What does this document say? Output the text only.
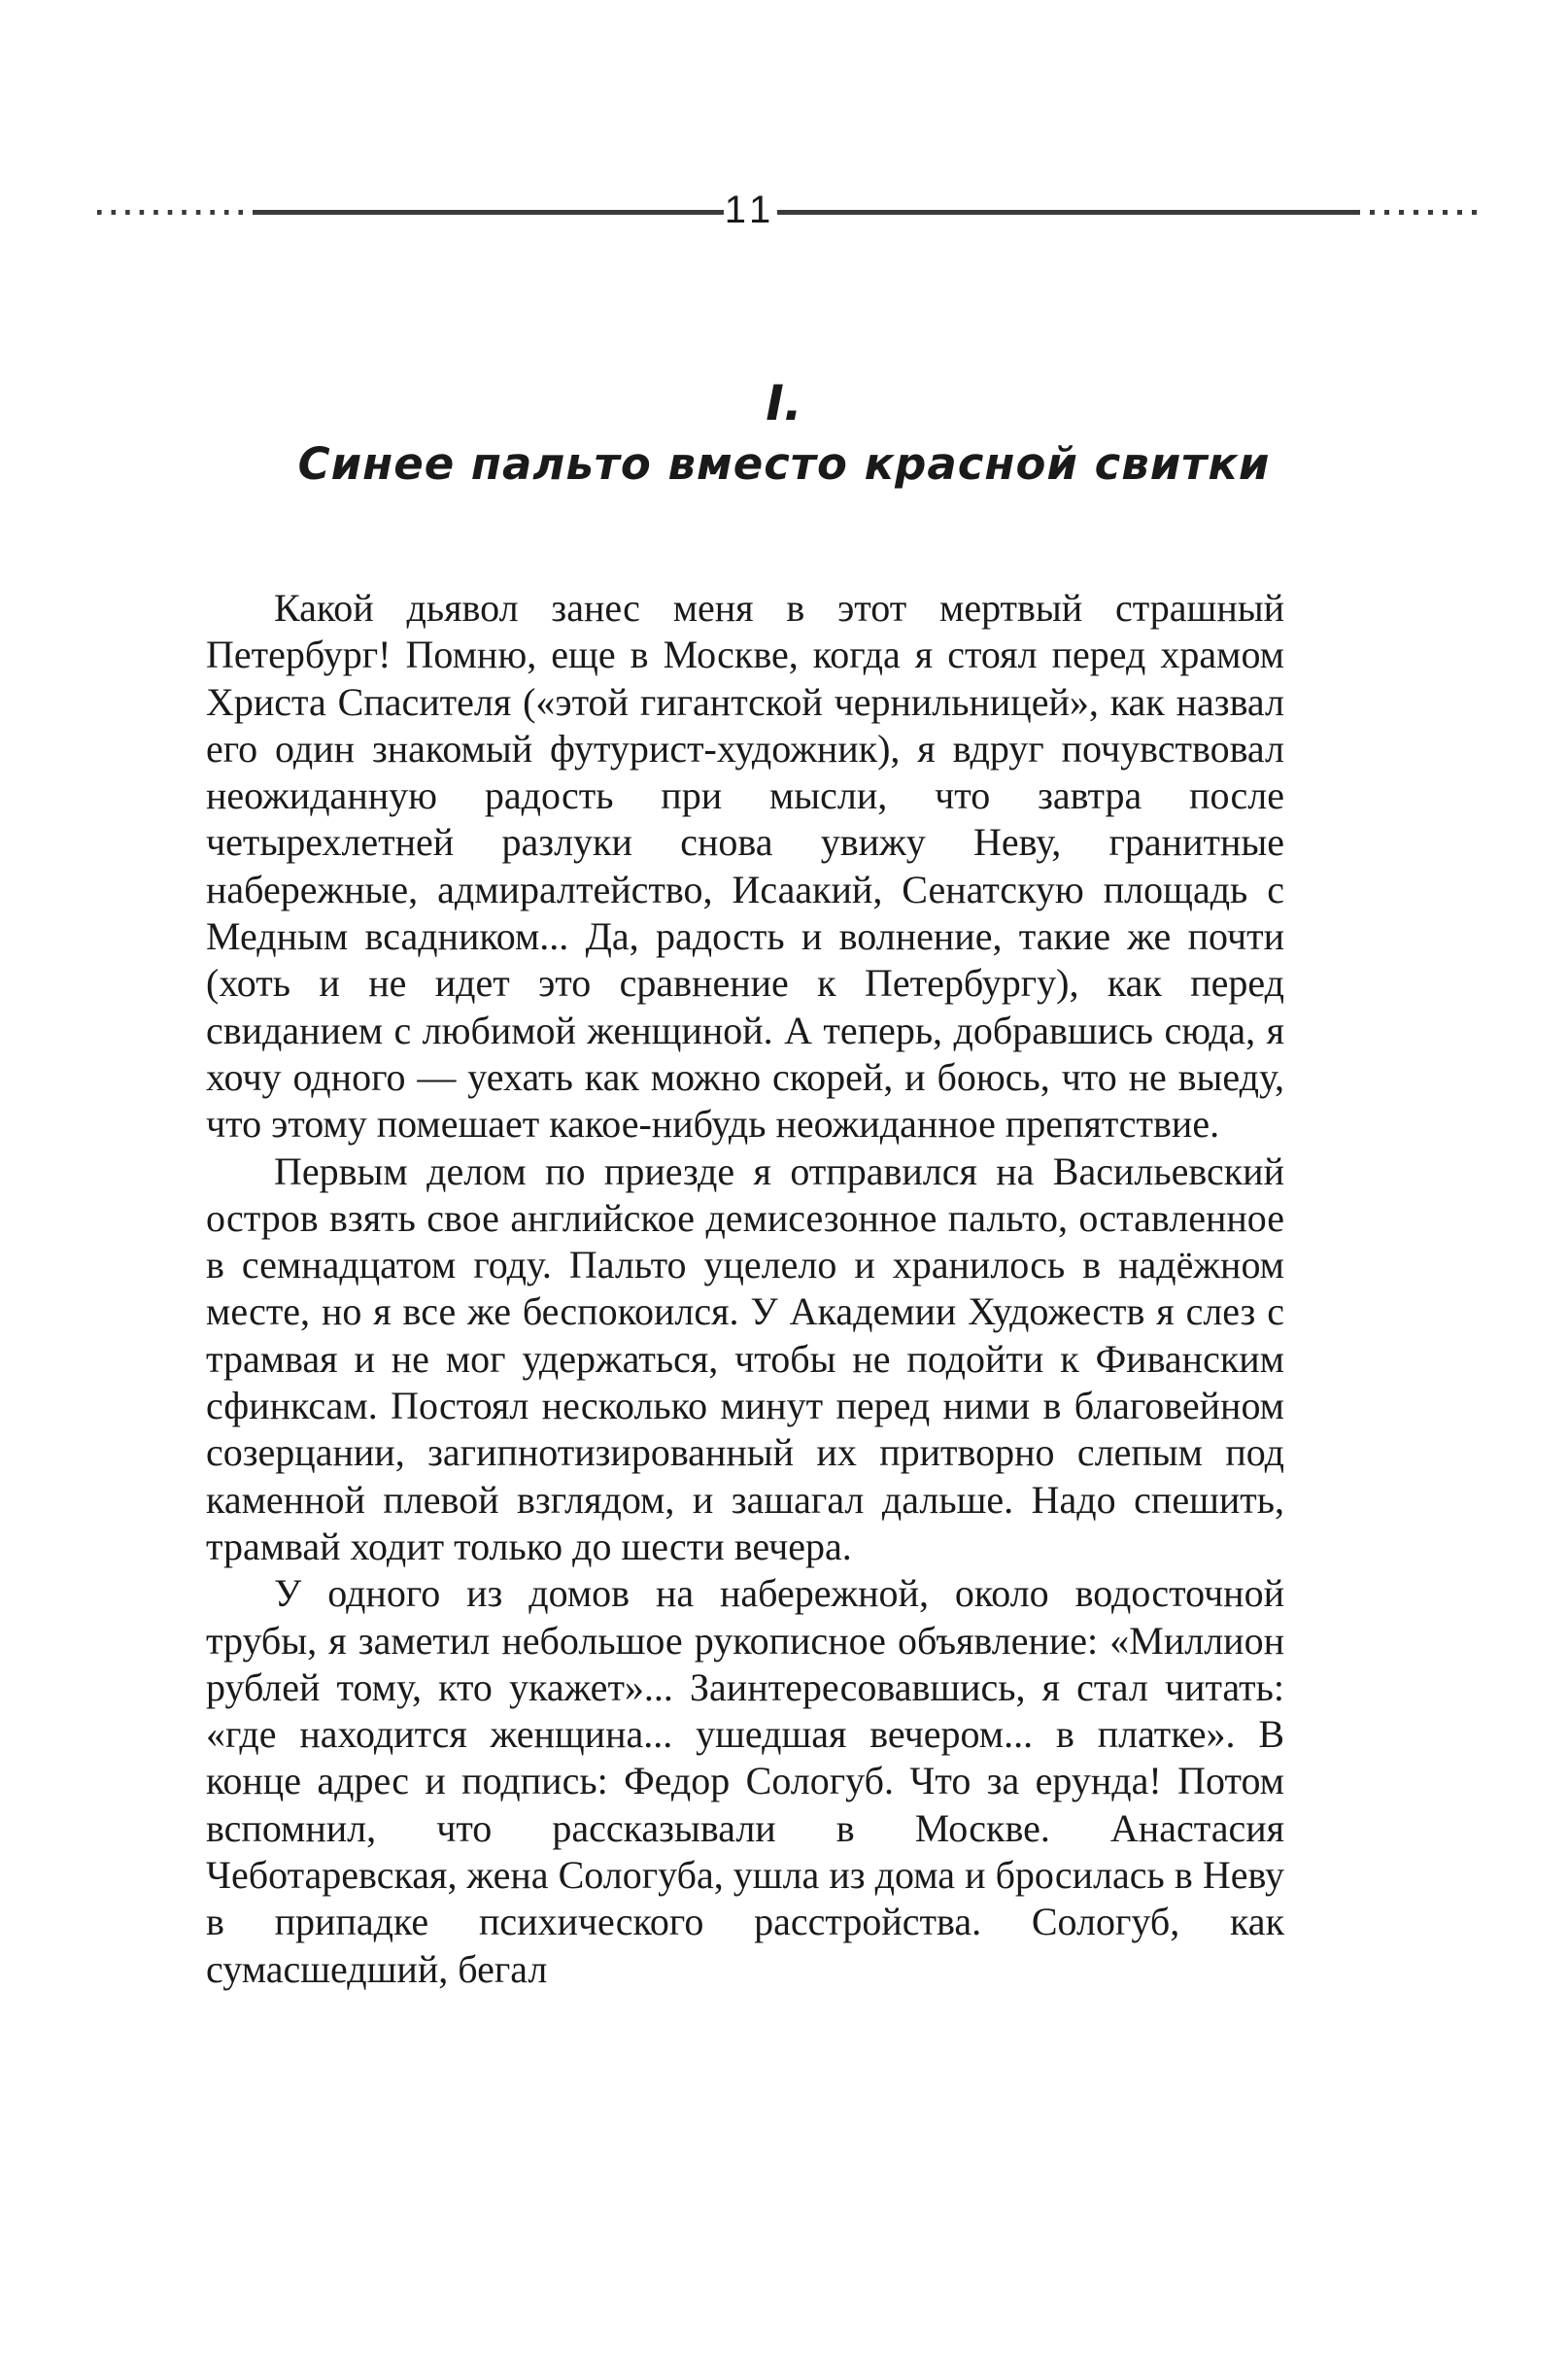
11
I.
Синее пальто вместо красной свитки

Какой дьявол занес меня в этот мертвый страшный Петербург! Помню, еще в Москве, когда я стоял перед храмом Христа Спасителя («этой гигантской чернильницей», как назвал его один знакомый футурист-художник), я вдруг почувствовал неожиданную радость при мысли, что завтра после четырехлетней разлуки снова увижу Неву, гранитные набережные, адмиралтейство, Исаакий, Сенатскую площадь с Медным всадником... Да, радость и волнение, такие же почти (хоть и не идет это сравнение к Петербургу), как перед свиданием с любимой женщиной. А теперь, добравшись сюда, я хочу одного — уехать как можно скорей, и боюсь, что не выеду, что этому помешает какое-нибудь неожиданное препятствие.

Первым делом по приезде я отправился на Васильевский остров взять свое английское демисезонное пальто, оставленное в семнадцатом году. Пальто уцелело и хранилось в надёжном месте, но я все же беспокоился. У Академии Художеств я слез с трамвая и не мог удержаться, чтобы не подойти к Фиванским сфинксам. Постоял несколько минут перед ними в благовейном созерцании, загипнотизированный их притворно слепым под каменной плевой взглядом, и зашагал дальше. Надо спешить, трамвай ходит только до шести вечера.

У одного из домов на набережной, около водосточной трубы, я заметил небольшое рукописное объявление: «Миллион рублей тому, кто укажет»... Заинтересовавшись, я стал читать: «где находится женщина... ушедшая вечером... в платке». В конце адрес и подпись: Федор Сологуб. Что за ерунда! Потом вспомнил, что рассказывали в Москве. Анастасия Чеботаревская, жена Сологуба, ушла из дома и бросилась в Неву в припадке психического расстройства. Сологуб, как сумасшедший, бегал
